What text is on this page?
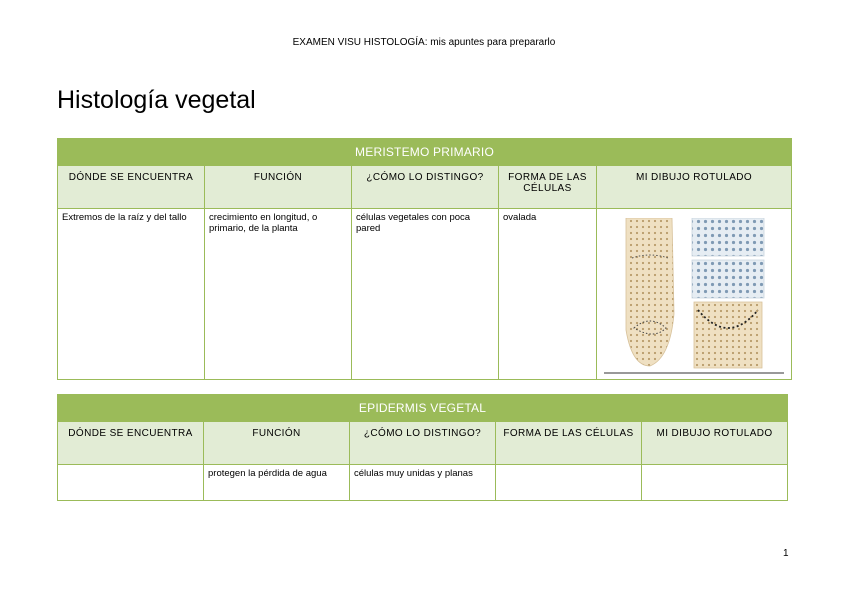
EXAMEN VISU HISTOLOGÍA: mis apuntes para prepararlo
Histología vegetal
MERISTEMO PRIMARIO				
DÓNDE SE ENCUENTRA	FUNCIÓN	¿CÓMO LO DISTINGO?	FORMA DE LAS CÉLULAS	MI DIBUJO ROTULADO
Extremos de la raíz y del tallo	crecimiento en longitud, o primario, de la planta	células vegetales con poca pared	ovalada	
EPIDERMIS VEGETAL				
DÓNDE SE ENCUENTRA	FUNCIÓN	¿CÓMO LO DISTINGO?	FORMA DE LAS CÉLULAS	MI DIBUJO ROTULADO
	protegen la pérdida de agua	células muy unidas y planas		
1
